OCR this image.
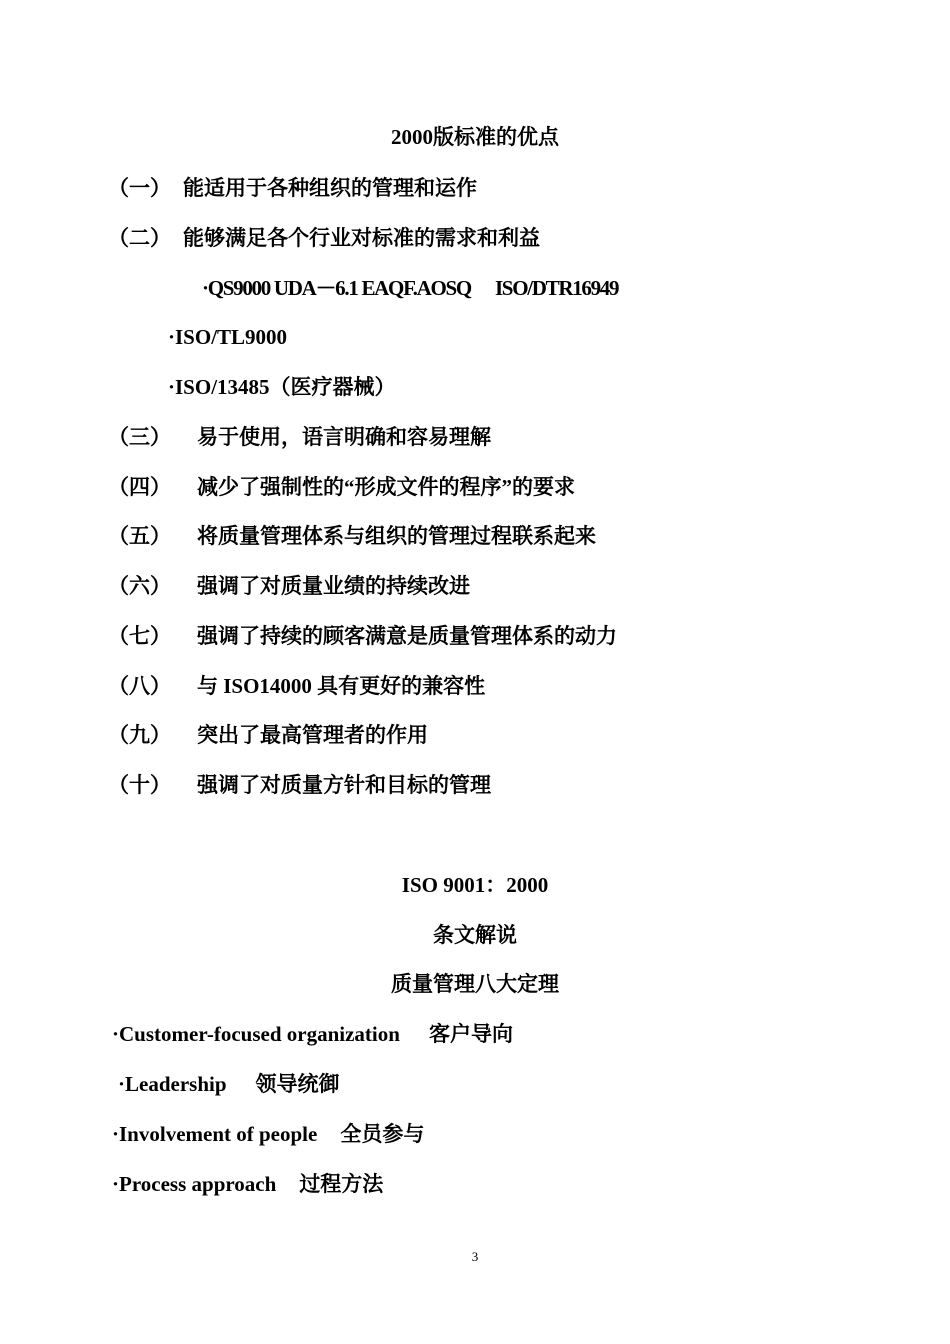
2000版标准的优点
（一） 能适用于各种组织的管理和运作
（二） 能够满足各个行业对标准的需求和利益
·QS9000 UDA－6.1 EAQF.AOSQ ISO/DTR16949
·ISO/TL9000
·ISO/13485（医疗器械）
（三） 易于使用，语言明确和容易理解
（四） 减少了强制性的“形成文件的程序”的要求
（五） 将质量管理体系与组织的管理过程联系起来
（六） 强调了对质量业绩的持续改进
（七） 强调了持续的顾客满意是质量管理体系的动力
（八） 与 ISO14000 具有更好的兼容性
（九） 突出了最高管理者的作用
（十） 强调了对质量方针和目标的管理
ISO 9001：2000
条文解说
质量管理八大定理
·Customer-focused organization 客户导向
·Leadership 领导统御
·Involvement of people 全员参与
·Process approach 过程方法
3
